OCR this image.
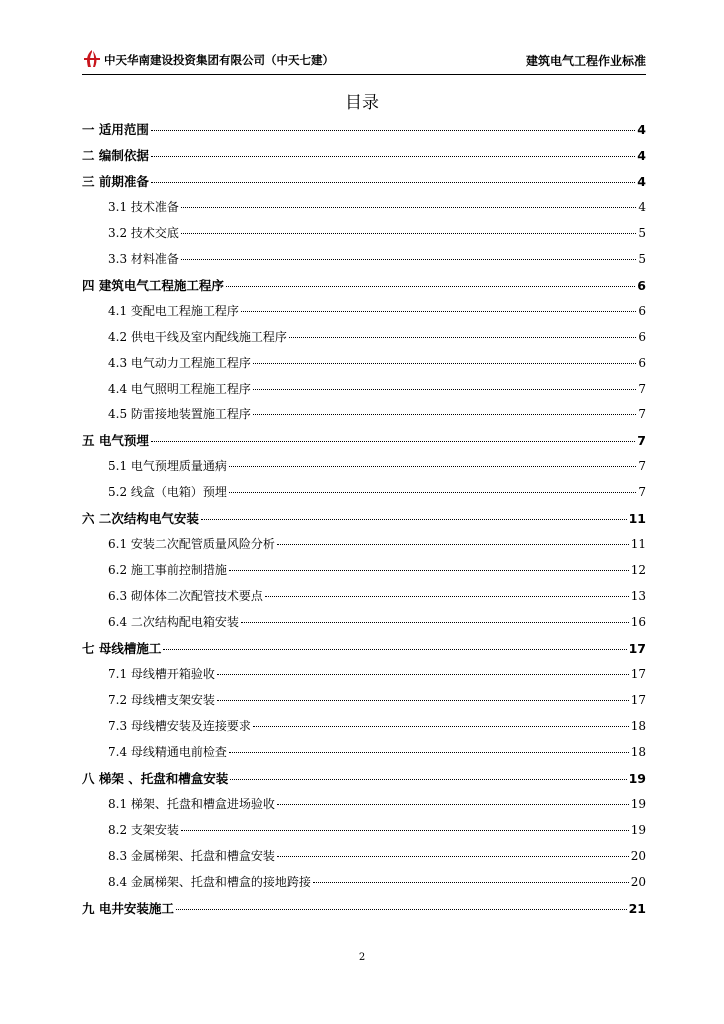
中天华南建设投资集团有限公司（中天七建）	建筑电气工程作业标准
目录
一 适用范围	4
二 编制依据	4
三 前期准备	4
3.1 技术准备	4
3.2 技术交底	5
3.3 材料准备	5
四 建筑电气工程施工程序	6
4.1 变配电工程施工程序	6
4.2 供电干线及室内配线施工程序	6
4.3 电气动力工程施工程序	6
4.4 电气照明工程施工程序	7
4.5 防雷接地装置施工程序	7
五 电气预埋	7
5.1 电气预埋质量通病	7
5.2 线盒（电箱）预埋	7
六 二次结构电气安装	11
6.1 安装二次配管质量风险分析	11
6.2 施工事前控制措施	12
6.3 砌体体二次配管技术要点	13
6.4 二次结构配电箱安装	16
七 母线槽施工	17
7.1 母线槽开箱验收	17
7.2 母线槽支架安装	17
7.3 母线槽安装及连接要求	18
7.4 母线精通电前检查	18
八 梯架 、托盘和槽盒安装	19
8.1 梯架、托盘和槽盒进场验收	19
8.2 支架安装	19
8.3 金属梯架、托盘和槽盒安装	20
8.4 金属梯架、托盘和槽盒的接地跨接	20
九 电井安装施工	21
2
